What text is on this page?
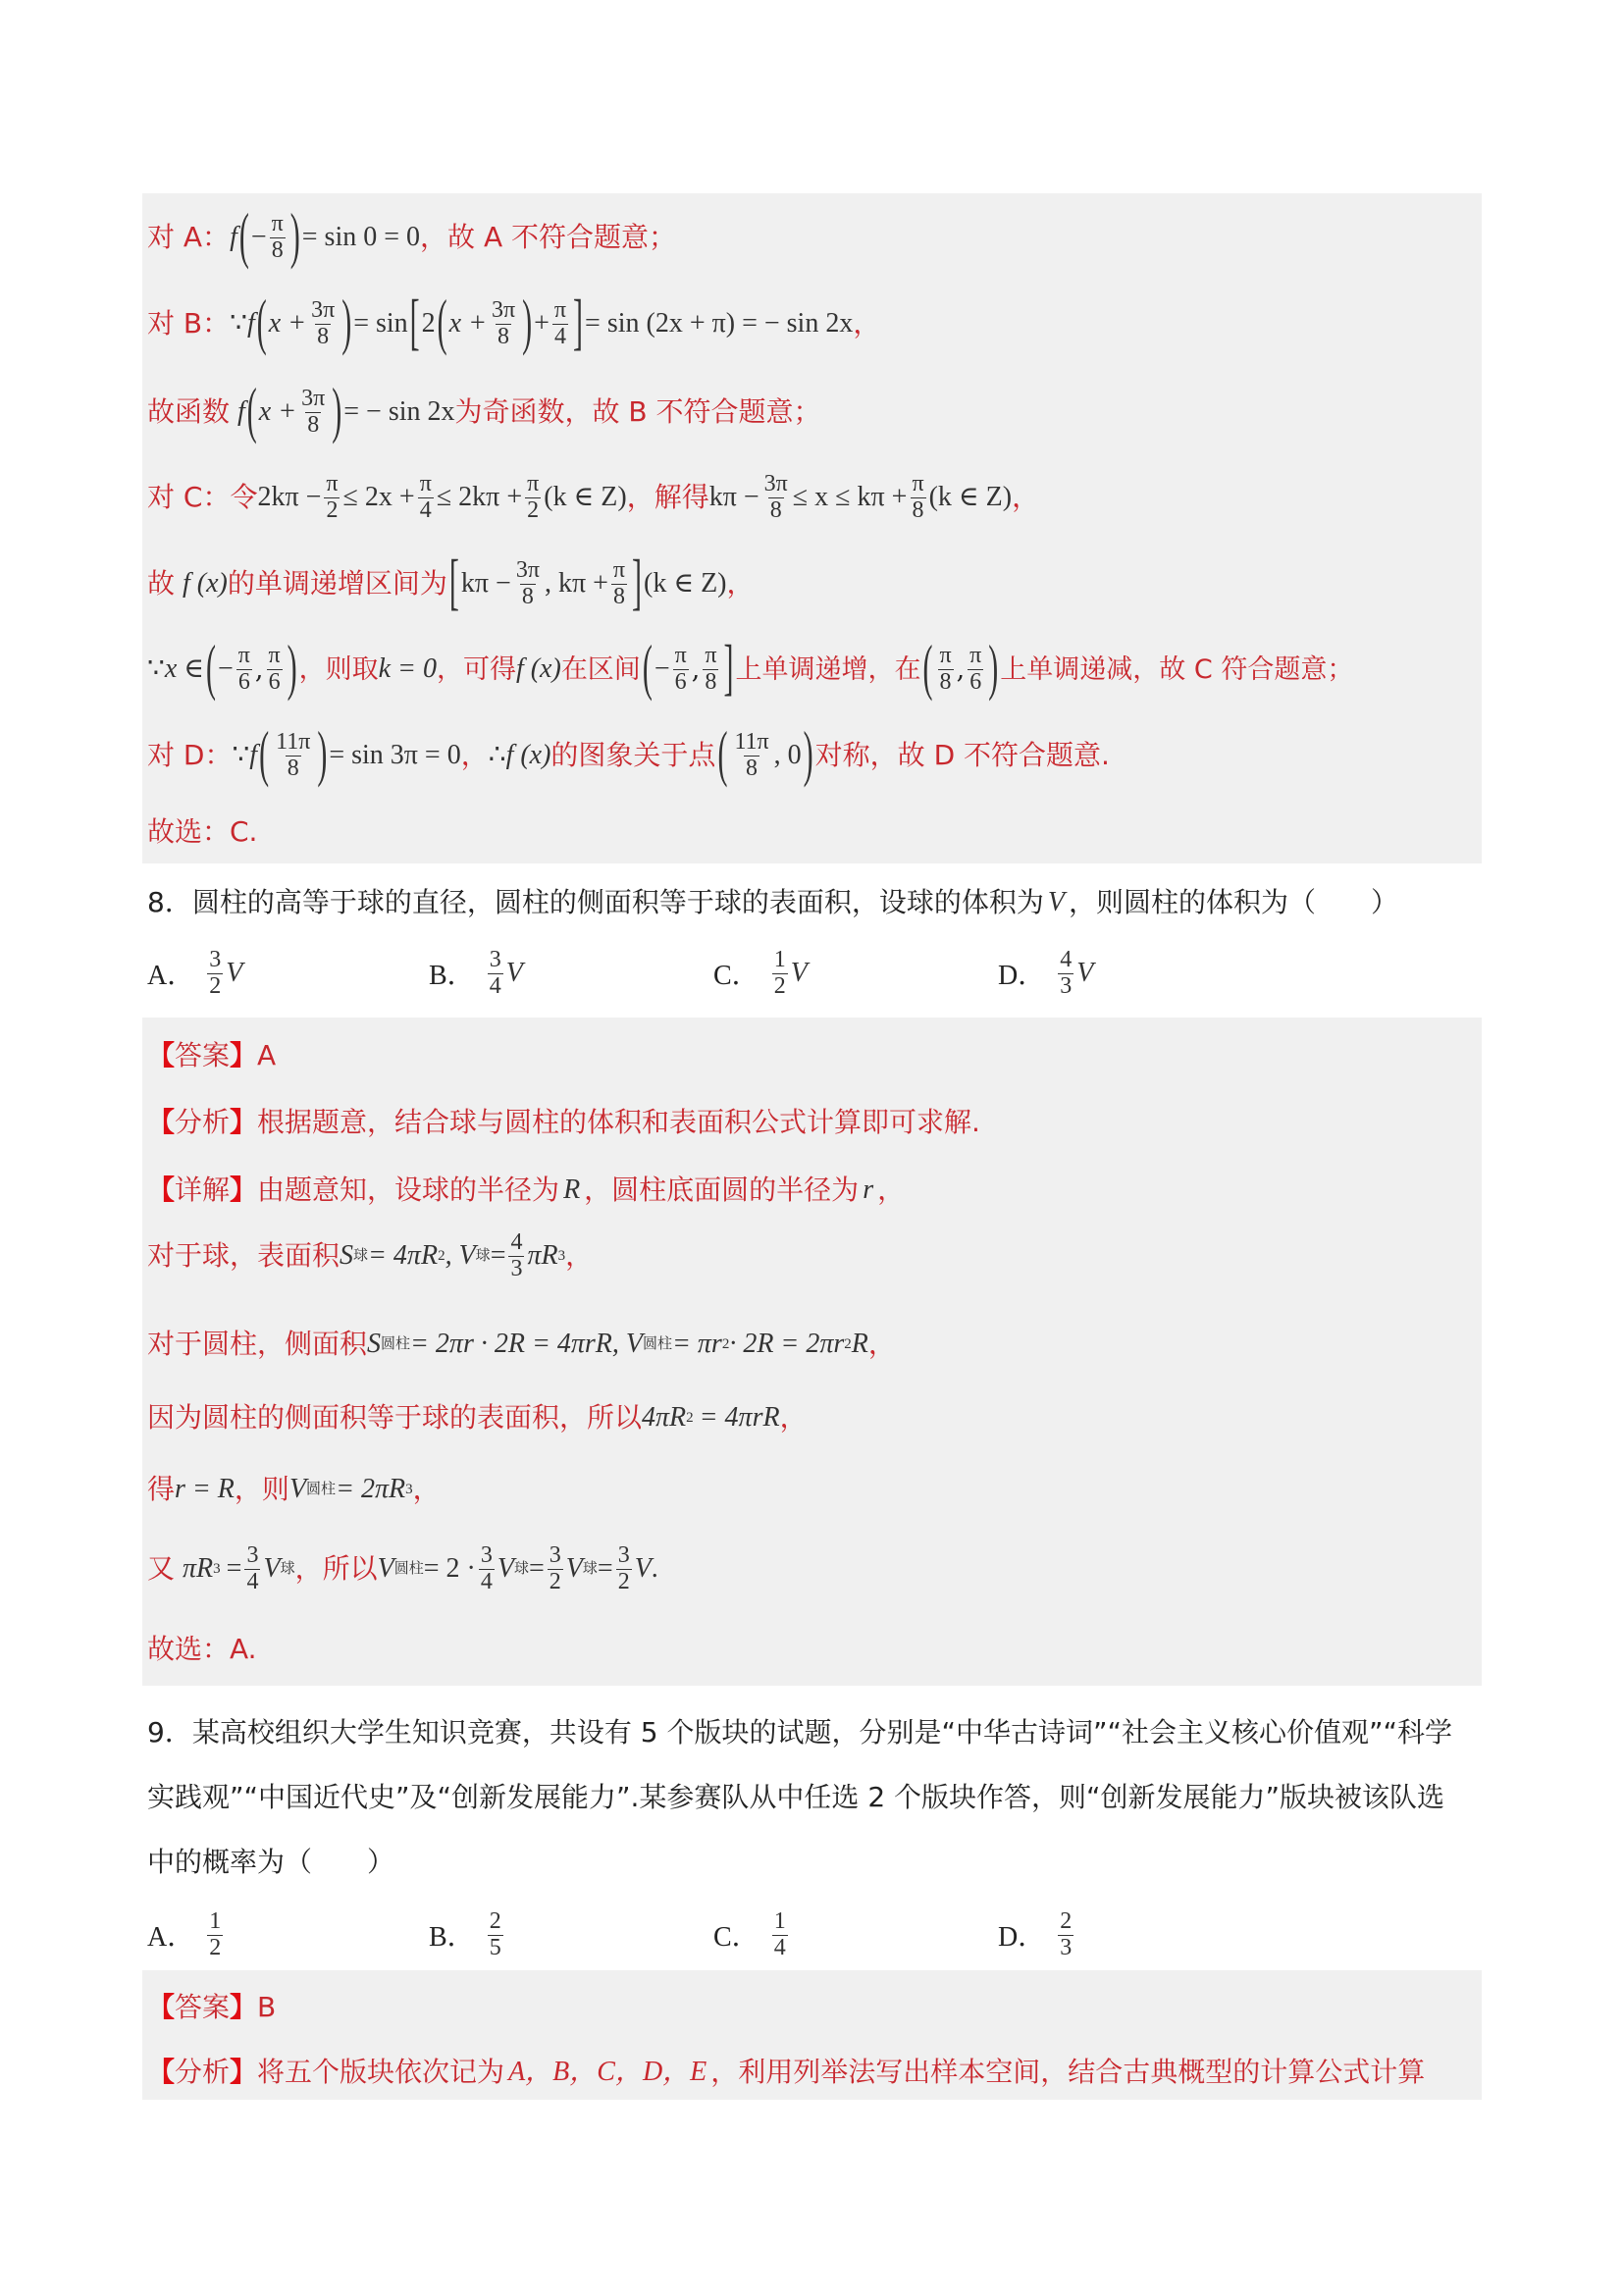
对 A： f ( − $\frac{\pi}{8}$ ) = sin 0 = 0 ， 故 A 不符合题意；
对 B： ∵ f ( $x + \frac{3\pi}{8}$ ) = sin [ 2 ( $x + \frac{3\pi}{8}$ ) + $\frac{\pi}{4}$ ] = sin (2x + π) = − sin 2x ，
故函数 f ( $x + \frac{3\pi}{8}$ ) = − sin 2x 为奇函数，故 B 不符合题意；
对 C：令 $2k\pi - \frac{\pi}{2} \le 2x + \frac{\pi}{4} \le 2k\pi + \frac{\pi}{2} (k$ ∈ Z) ，解得 $k\pi - \frac{3\pi}{8} \le x \le k\pi + \frac{\pi}{8} (k$ ∈ Z) ，
故 f (x) 的单调递增区间为 [ $k\pi - \frac{3\pi}{8}$ , $k\pi + \frac{\pi}{8}$ ] (k ∈ Z) ，
∵ x ∈ ( − $\frac{\pi}{6}$ , $\frac{\pi}{6}$ ) ，则取 k = 0 ，可得 f (x) 在区间 ( − $\frac{\pi}{6}$ , $\frac{\pi}{8}$ ] 上单调递增，在 ( $\frac{\pi}{8}$ , $\frac{\pi}{6}$ ) 上单调递减，故 C 符合题意；
对 D： ∵ f ( $\frac{11\pi}{8}$ ) = sin 3π = 0 ， ∴ f (x) 的图象关于点 ( $\frac{11\pi}{8}$ , 0 ) 对称，故 D 不符合题意.
故选：C.
8． 圆柱的高等于球的直径，圆柱的侧面积等于球的表面积，设球的体积为 V ，则圆柱的体积为（　　）
A． $\frac{3}{2}$ V	B． $\frac{3}{4}$ V	C． $\frac{1}{2}$ V	D． $\frac{4}{3}$ V
【 答案 】 A
【 分析 】 根据题意，结合球与圆柱的体积和表面积公式计算即可求解.
【 详解 】 由题意知，设球的半径为 R ，圆柱底面圆的半径为 r ，
对于球，表面积 S 球 = 4πR 2 , V 球 = $\frac{4}{3}$ πR 3 ，
对于圆柱，侧面积 S 圆柱 = 2πr · 2R = 4πrR, V 圆柱 = πr 2 · 2R = 2πr 2 R ，
因为圆柱的侧面积等于球的表面积，所以 4πR 2 = 4πrR ，
得 r = R ，则 V 圆柱 = 2πR 3 ，
又 πR $3 = \frac{3}{4}$ V 球 ，所以 V 圆柱 = $2 \cdot \frac{3}{4}$ V 球 = $\frac{3}{2}$ V 球 = $\frac{3}{2}$ V .
故选：A.
9． 某高校组织大学生知识竞赛，共设有 5 个版块的试题，分别是“中华古诗词”“社会主义核心价值观”“科学
实践观”“中国近代史”及“创新发展能力”.某参赛队从中任选 2 个版块作答，则“创新发展能力”版块被该队选
中的概率为（　　）
A． $\frac{1}{2}$	B． $\frac{2}{5}$	C． $\frac{1}{4}$	D． $\frac{2}{3}$
【 答案 】 B
【 分析 】 将五个版块依次记为 A，B，C，D，E ，利用列举法写出样本空间，结合古典概型的计算公式计算
